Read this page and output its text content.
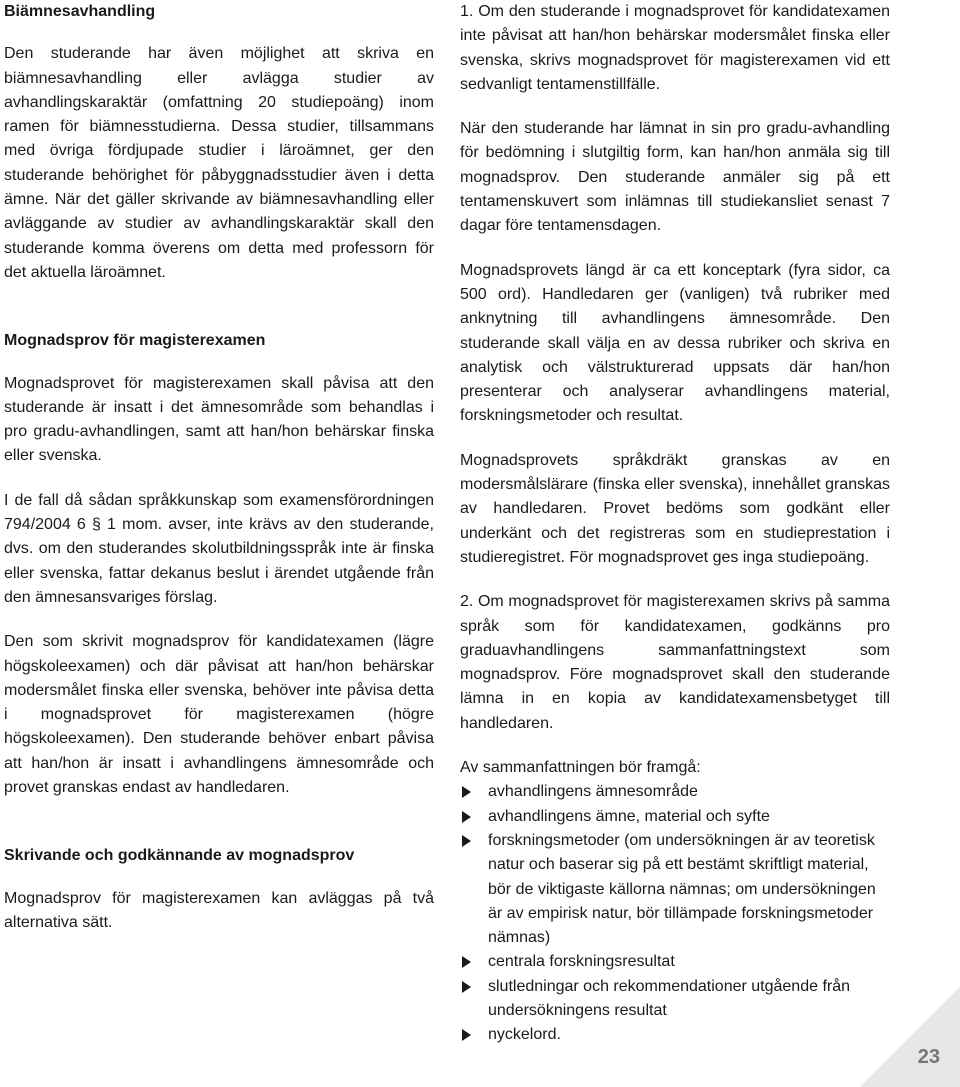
Biämnesavhandling

Den studerande har även möjlighet att skriva en biämnesavhandling eller avlägga studier av avhandlingskaraktär (omfattning 20 studiepoäng) inom ramen för biämnesstudierna. Dessa studier, tillsammans med övriga fördjupade studier i läroämnet, ger den studerande behörighet för påbyggnadsstudier även i detta ämne. När det gäller skrivande av biämnesavhandling eller avläggande av studier av avhandlingskaraktär skall den studerande komma överens om detta med professorn för det aktuella läroämnet.

Mognadsprov för magisterexamen

Mognadsprovet för magisterexamen skall påvisa att den studerande är insatt i det ämnesområde som behandlas i pro gradu-avhandlingen, samt att han/hon behärskar finska eller svenska.

I de fall då sådan språkkunskap som examensförordningen 794/2004 6 § 1 mom. avser, inte krävs av den studerande, dvs. om den studerandes skolutbildningsspråk inte är finska eller svenska, fattar dekanus beslut i ärendet utgående från den ämnesansvariges förslag.

Den som skrivit mognadsprov för kandidatexamen (lägre högskoleexamen) och där påvisat att han/hon behärskar modersmålet finska eller svenska, behöver inte påvisa detta i mognadsprovet för magisterexamen (högre högskoleexamen). Den studerande behöver enbart påvisa att han/hon är insatt i avhandlingens ämnesområde och provet granskas endast av handledaren.

Skrivande och godkännande av mognadsprov

Mognadsprov för magisterexamen kan avläggas på två alternativa sätt.

1. Om den studerande i mognadsprovet för kandidatexamen inte påvisat att han/hon behärskar modersmålet finska eller svenska, skrivs mognadsprovet för magisterexamen vid ett sedvanligt tentamenstillfälle.

När den studerande har lämnat in sin pro gradu-avhandling för bedömning i slutgiltig form, kan han/hon anmäla sig till mognadsprov. Den studerande anmäler sig på ett tentamenskuvert som inlämnas till studiekansliet senast 7 dagar före tentamensdagen.

Mognadsprovets längd är ca ett konceptark (fyra sidor, ca 500 ord). Handledaren ger (vanligen) två rubriker med anknytning till avhandlingens ämnesområde. Den studerande skall välja en av dessa rubriker och skriva en analytisk och välstrukturerad uppsats där han/hon presenterar och analyserar avhandlingens material, forskningsmetoder och resultat.

Mognadsprovets språkdräkt granskas av en modersmålslärare (finska eller svenska), innehållet granskas av handledaren. Provet bedöms som godkänt eller underkänt och det registreras som en studieprestation i studieregistret. För mognadsprovet ges inga studiepoäng.

2. Om mognadsprovet för magisterexamen skrivs på samma språk som för kandidatexamen, godkänns pro graduavhandlingens sammanfattningstext som mognadsprov. Före mognadsprovet skall den studerande lämna in en kopia av kandidatexamensbetyget till handledaren.

Av sammanfattningen bör framgå:

avhandlingens ämnesområde
avhandlingens ämne, material och syfte
forskningsmetoder (om undersökningen är av teoretisk natur och baserar sig på ett bestämt skriftligt material, bör de viktigaste källorna nämnas; om undersökningen är av empirisk natur, bör tillämpade forskningsmetoder nämnas)
centrala forskningsresultat
slutledningar och rekommendationer utgående från undersökningens resultat
nyckelord.
23
